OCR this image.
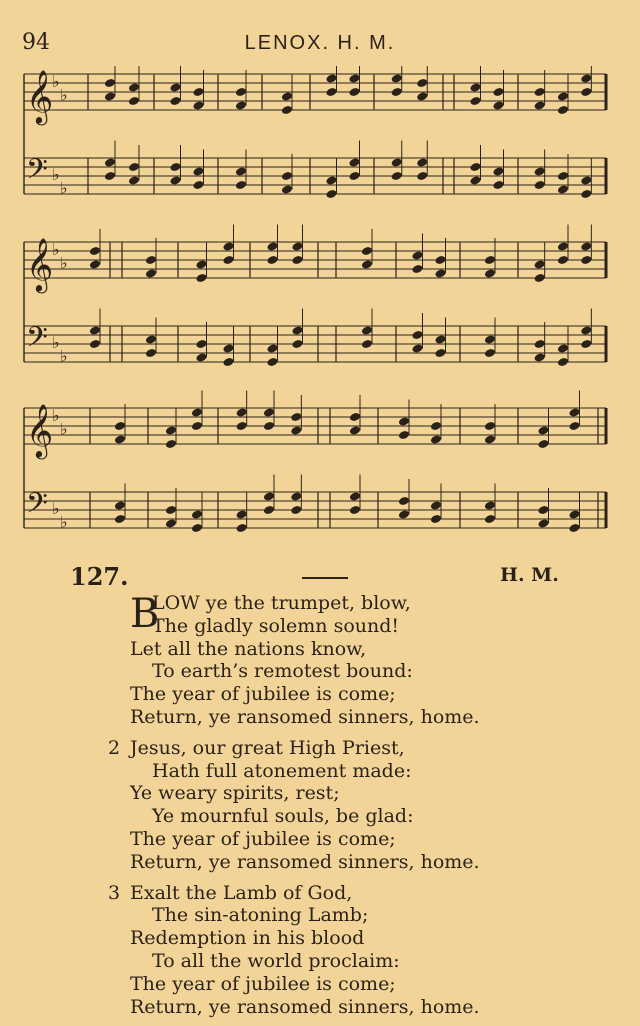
94	LENOX. H. M.
𝄞
♭
♭
𝄢 ♭
♭
𝄞
♭
♭
𝄢 ♭
♭
𝄞
♭
♭
𝄢 ♭
♭
127.	H. M.
B
LOW ye the trumpet, blow,
The gladly solemn sound!
Let all the nations know,
To earth’s remotest bound:
The year of jubilee is come;
Return, ye ransomed sinners, home.
2 Jesus, our great High Priest,
Hath full atonement made:
Ye weary spirits, rest;
Ye mournful souls, be glad:
The year of jubilee is come;
Return, ye ransomed sinners, home.
3 Exalt the Lamb of God,
The sin-atoning Lamb;
Redemption in his blood
To all the world proclaim:
The year of jubilee is come;
Return, ye ransomed sinners, home.
